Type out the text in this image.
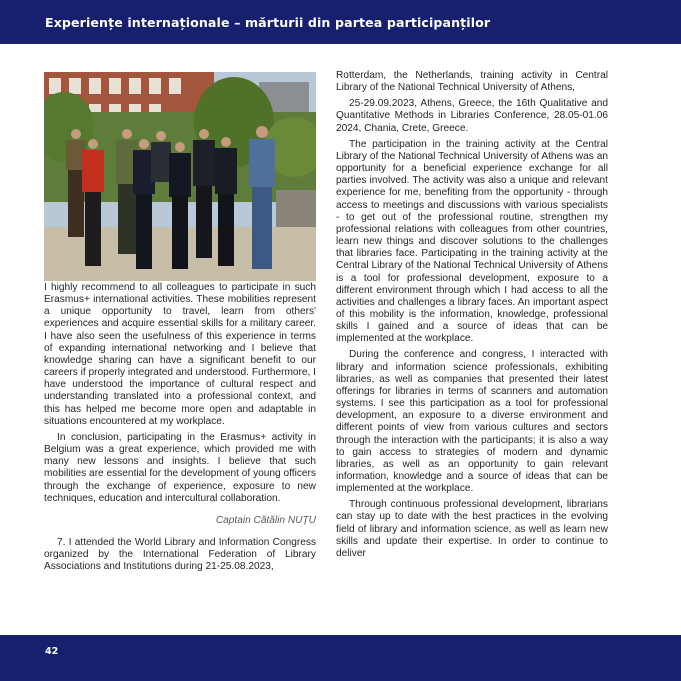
Experiențe internaționale – mărturii din partea participanților

I highly recommend to all colleagues to participate in such Erasmus+ international activities. These mobilities represent a unique opportunity to travel, learn from others' experiences and acquire essential skills for a military career. I have also seen the usefulness of this experience in terms of expanding international networking and I believe that knowledge sharing can have a significant benefit to our careers if properly integrated and understood. Furthermore, I have understood the importance of cultural respect and understanding translated into a professional context, and this has helped me become more open and adaptable in situations encountered at my workplace.

In conclusion, participating in the Erasmus+ activity in Belgium was a great experience, which provided me with many new lessons and insights. I believe that such mobilities are essential for the development of young officers through the exchange of experience, exposure to new techniques, education and intercultural collaboration.

Captain Cătălin NUȚU

7. I attended the World Library and Information Congress organized by the International Federation of Library Associations and Institutions during 21-25.08.2023,

Rotterdam, the Netherlands, training activity in Central Library of the National Technical University of Athens,

25-29.09.2023, Athens, Greece, the 16th Qualitative and Quantitative Methods in Libraries Conference, 28.05-01.06 2024, Chania, Crete, Greece.

The participation in the training activity at the Central Library of the National Technical University of Athens was an opportunity for a beneficial experience exchange for all parties involved. The activity was also a unique and relevant experience for me, benefiting from the opportunity - through access to meetings and discussions with various specialists - to get out of the professional routine, strengthen my professional relations with colleagues from other countries, learn new things and discover solutions to the challenges that libraries face. Participating in the training activity at the Central Library of the National Technical University of Athens is a tool for professional development, exposure to a different environment through which I had access to all the activities and challenges a library faces. An important aspect of this mobility is the information, knowledge, professional skills I gained and a source of ideas that can be implemented at the workplace.

During the conference and congress, I interacted with library and information science professionals, exhibiting libraries, as well as companies that presented their latest offerings for libraries in terms of scanners and automation systems. I see this participation as a tool for professional development, an exposure to a diverse environment and different points of view from various cultures and sectors through the interaction with the participants; it is also a way to gain access to strategies of modern and dynamic libraries, as well as an opportunity to gain relevant information, knowledge and a source of ideas that can be implemented at the workplace.

Through continuous professional development, librarians can stay up to date with the best practices in the evolving field of library and information science, as well as learn new skills and update their expertise. In order to continue to deliver

42
